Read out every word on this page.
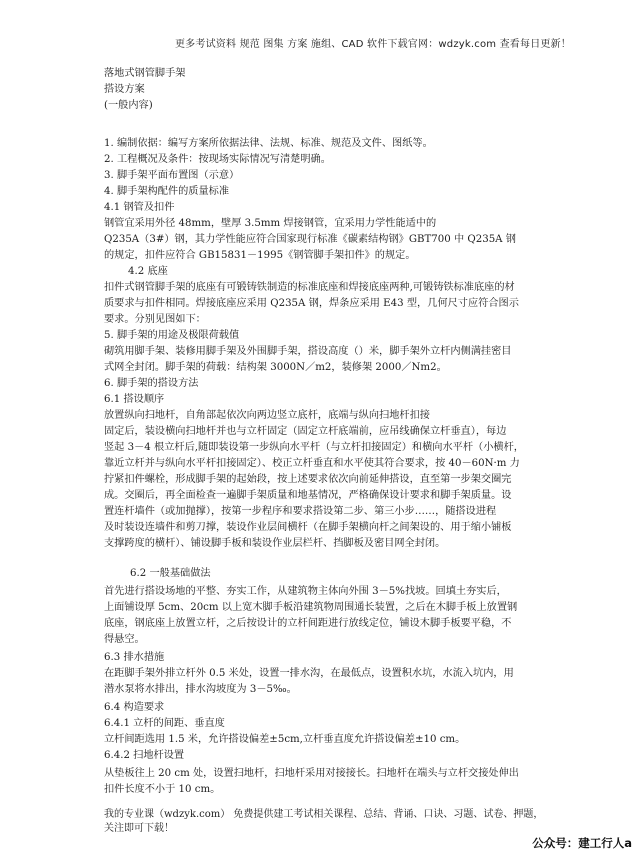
更多考试资料 规范 图集 方案 施组、CAD 软件下载官网：wdzyk.com 查看每日更新！
落地式钢管脚手架
搭设方案
(一般内容)
1. 编制依据：编写方案所依据法律、法规、标准、规范及文件、图纸等。
2. 工程概况及条件：按现场实际情况写清楚明确。
3. 脚手架平面布置图（示意）
4. 脚手架构配件的质量标准
4.1 钢管及扣件
钢管宜采用外径 48mm，壁厚 3.5mm 焊接钢管，宜采用力学性能适中的
Q235A（3#）钢，其力学性能应符合国家现行标准《碳素结构钢》GBT700 中 Q235A 钢
的规定，扣件应符合 GB15831－1995《钢管脚手架扣件》的规定。
4.2 底座
扣件式钢管脚手架的底座有可锻铸铁制造的标准底座和焊接底座两种,可锻铸铁标准底座的材
质要求与扣件相同。焊接底座应采用 Q235A 钢，焊条应采用 E43 型，几何尺寸应符合图示
要求。分别见图如下：
5. 脚手架的用途及极限荷载值
砌筑用脚手架、装修用脚手架及外围脚手架，搭设高度（）米，脚手架外立杆内侧满挂密目
式网全封闭。脚手架的荷载：结构架 3000N／m2，装修架 2000／Nm2。
6. 脚手架的搭设方法
6.1 搭设顺序
放置纵向扫地杆，自角部起依次向两边竖立底杆，底端与纵向扫地杆扣接
固定后，装设横向扫地杆并也与立杆固定（固定立杆底端前，应吊线确保立杆垂直），每边
竖起 3－4 根立杆后,随即装设第一步纵向水平杆（与立杆扣接固定）和横向水平杆（小横杆，
靠近立杆并与纵向水平杆扣接固定）、校正立杆垂直和水平使其符合要求，按 40－60N·m 力
拧紧扣件螺栓，形成脚手架的起始段，按上述要求依次向前延伸搭设，直至第一步架交圈完
成。交圈后，再全面检查一遍脚手架质量和地基情况，严格确保设计要求和脚手架质量。设
置连杆墙件（或加抛撑），按第一步程序和要求搭设第二步、第三小步……，随搭设进程
及时装设连墙件和剪刀撑，装设作业层间横杆（在脚手架横向杆之间架设的、用于缩小铺板
支撑跨度的横杆）、铺设脚手板和装设作业层栏杆、挡脚板及密目网全封闭。
6.2 一般基础做法
首先进行搭设场地的平整、夯实工作，从建筑物主体向外围 3－5%找坡。回填土夯实后，
上面铺设厚 5cm、20cm 以上宽木脚手板沿建筑物周围通长装置，之后在木脚手板上放置钢
底座，钢底座上放置立杆，之后按设计的立杆间距进行放线定位，铺设木脚手板要平稳，不
得悬空。
6.3 排水措施
在距脚手架外排立杆外 0.5 米处，设置一排水沟，在最低点，设置积水坑，水流入坑内，用
潜水泵将水排出，排水沟坡度为 3－5‰。
6.4 构造要求
6.4.1 立杆的间距、垂直度
立杆间距选用 1.5 米，允许搭设偏差±5cm,立杆垂直度允许搭设偏差±10 cm。
6.4.2 扫地杆设置
从垫板往上 20 cm 处，设置扫地杆，扫地杆采用对接接长。扫地杆在端头与立杆交接处伸出
扣件长度不小于 10 cm。
我的专业课（wdzyk.com） 免费提供建工考试相关课程、总结、背诵、口诀、习题、试卷、押题，关注即可下载！
公众号：建工行人a
